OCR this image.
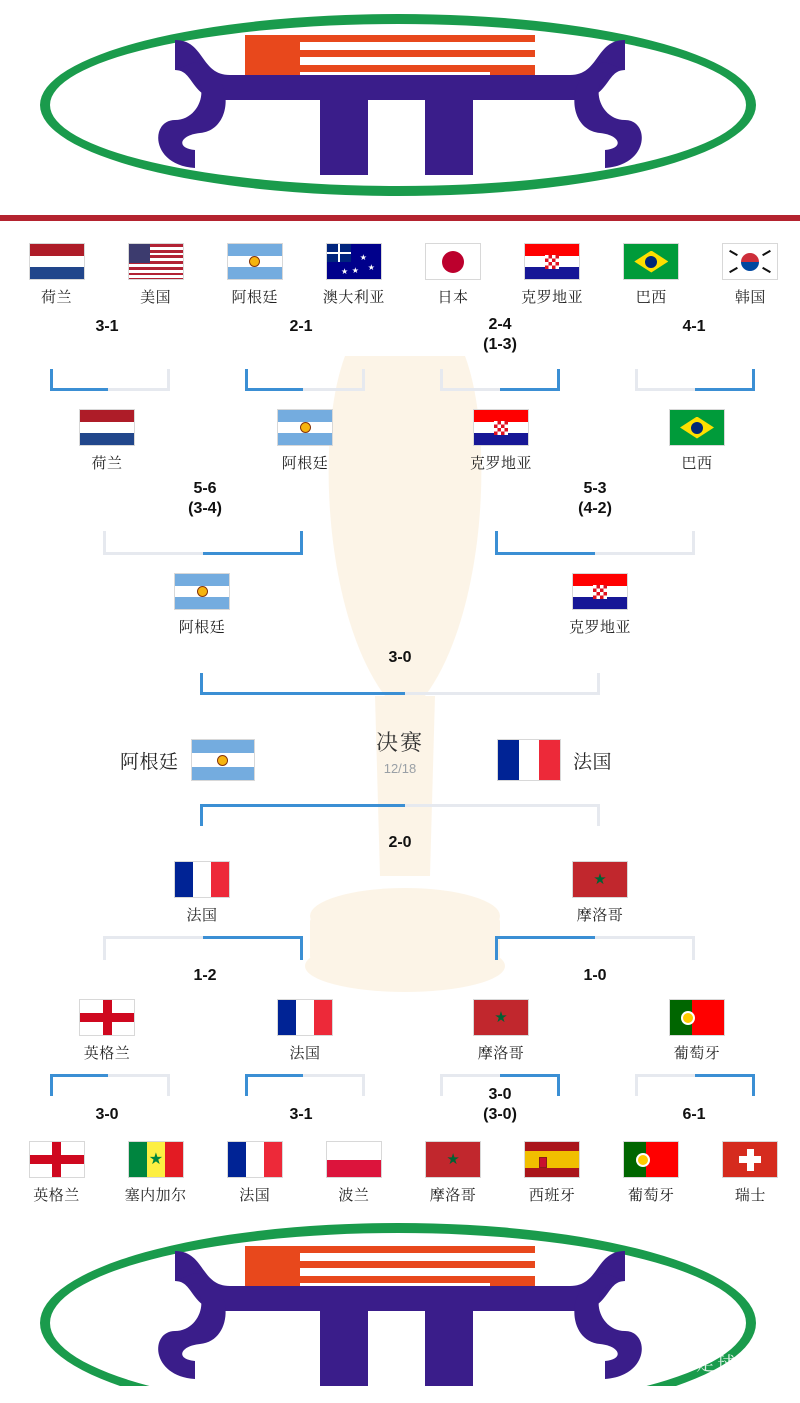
荷兰	美国	阿根廷
★
★
★
★
澳大利亚	日本	克罗地亚	巴西	韩国
3-1	2-1	2-4
(1-3)
4-1
荷兰	阿根廷	克罗地亚	巴西
5-6
(3-4)
5-3
(4-2)
阿根廷	克罗地亚
3-0
决赛
12/18
阿根廷	法国
2-0
法国
★
摩洛哥
1-2	1-0
英格兰	法国
★
摩洛哥	葡萄牙
3-0	3-1
3-0
(3-0)	6-1
英格兰
★
塞内加尔	法国	波兰
★
摩洛哥	西班牙	葡萄牙	瑞士
@足球话语
